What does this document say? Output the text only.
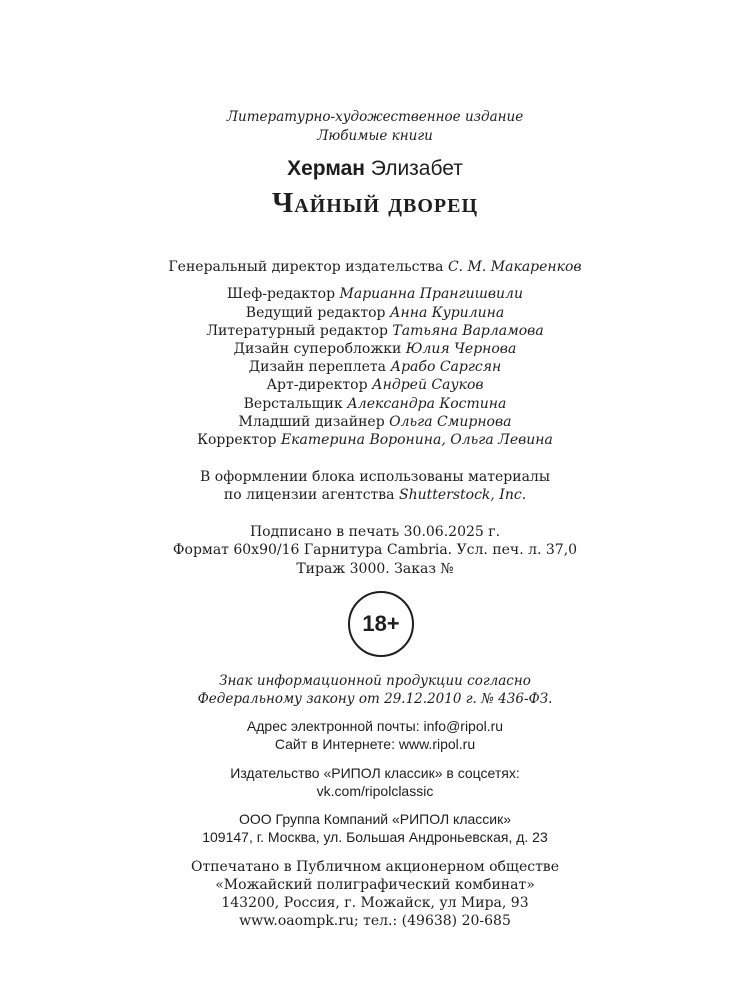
Литературно-художественное издание
Любимые книги
Херман Элизабет
Чайный дворец
Генеральный директор издательства С. М. Макаренков
Шеф-редактор Марианна Прангишвили
Ведущий редактор Анна Курилина
Литературный редактор Татьяна Варламова
Дизайн суперобложки Юлия Чернова
Дизайн переплета Арабо Саргсян
Арт-директор Андрей Сауков
Верстальщик Александра Костина
Младший дизайнер Ольга Смирнова
Корректор Екатерина Воронина, Ольга Левина
В оформлении блока использованы материалы
по лицензии агентства Shutterstock, Inc.
Подписано в печать 30.06.2025 г.
Формат 60х90/16 Гарнитура Cambria. Усл. печ. л. 37,0
Тираж 3000. Заказ №
18+
Знак информационной продукции согласно
Федеральному закону от 29.12.2010 г. № 436-ФЗ.
Адрес электронной почты: info@ripol.ru
Сайт в Интернете: www.ripol.ru
Издательство «РИПОЛ классик» в соцсетях:
vk.com/ripolclassic
ООО Группа Компаний «РИПОЛ классик»
109147, г. Москва, ул. Большая Андроньевская, д. 23
Отпечатано в Публичном акционерном обществе
«Можайский полиграфический комбинат»
143200, Россия, г. Можайск, ул Мира, 93
www.oaompk.ru; тел.: (49638) 20-685
